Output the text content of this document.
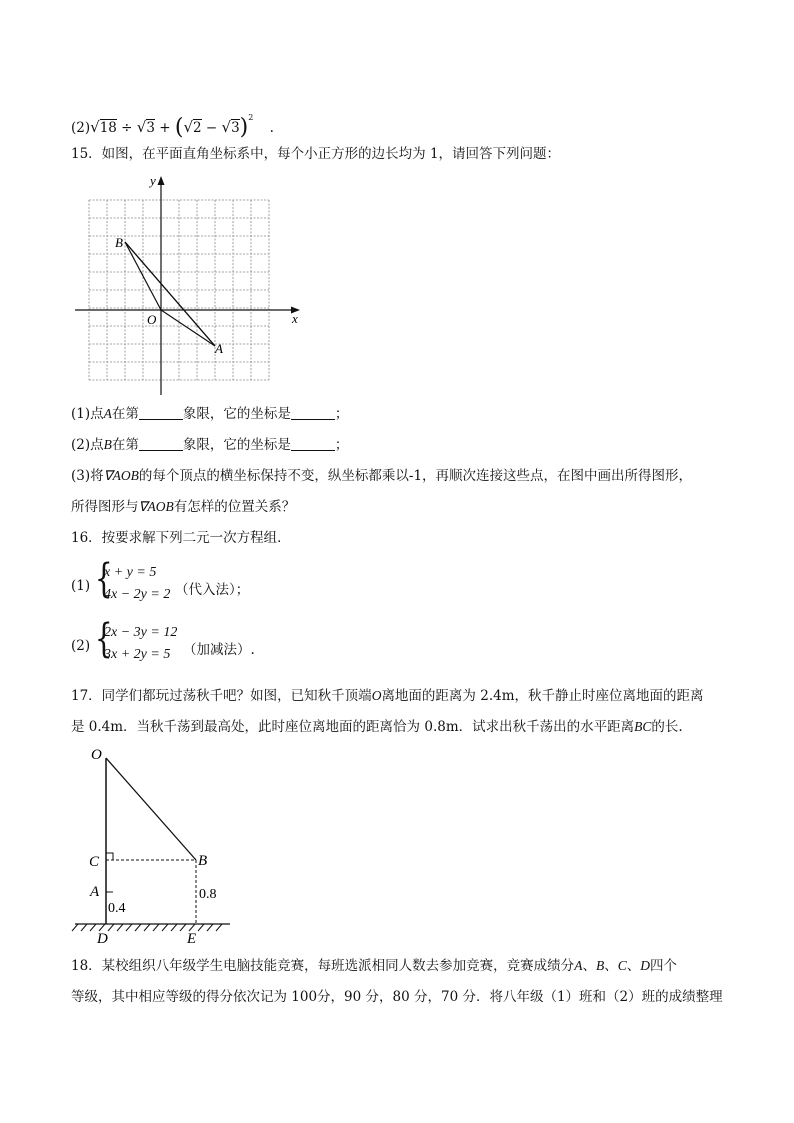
$(2)√18 \div √3 + (√2 - √3)^2$ .
15．如图，在平面直角坐标系中，每个小正方形的边长均为 1，请回答下列问题：
y
x
O
A
B
(1)点A在第	象限，它的坐标是	；
(2)点B在第	象限，它的坐标是	；
(3)将∇AOB的每个顶点的横坐标保持不变，纵坐标都乘以-1，再顺次连接这些点，在图中画出所得图形，
所得图形与∇AOB有怎样的位置关系？
16．按要求解下列二元一次方程组．
(1) {
x + y = 5
4x − 2y = 2 （代入法）；
(2) {
2x − 3y = 12
3x + 2y = 5 （加减法）.
17．同学们都玩过荡秋千吧？如图，已知秋千顶端O离地面的距离为 2.4m，秋千静止时座位离地面的距离
是 0.4m．当秋千荡到最高处，此时座位离地面的距离恰为 0.8m．试求出秋千荡出的水平距离BC的长.
O
C	B
A
D	E
0.4
0.8
18．某校组织八年级学生电脑技能竞赛，每班选派相同人数去参加竞赛，竞赛成绩分A、B、C、D四个
等级，其中相应等级的得分依次记为 100分，90 分，80 分，70 分．将八年级（1）班和（2）班的成绩整理
